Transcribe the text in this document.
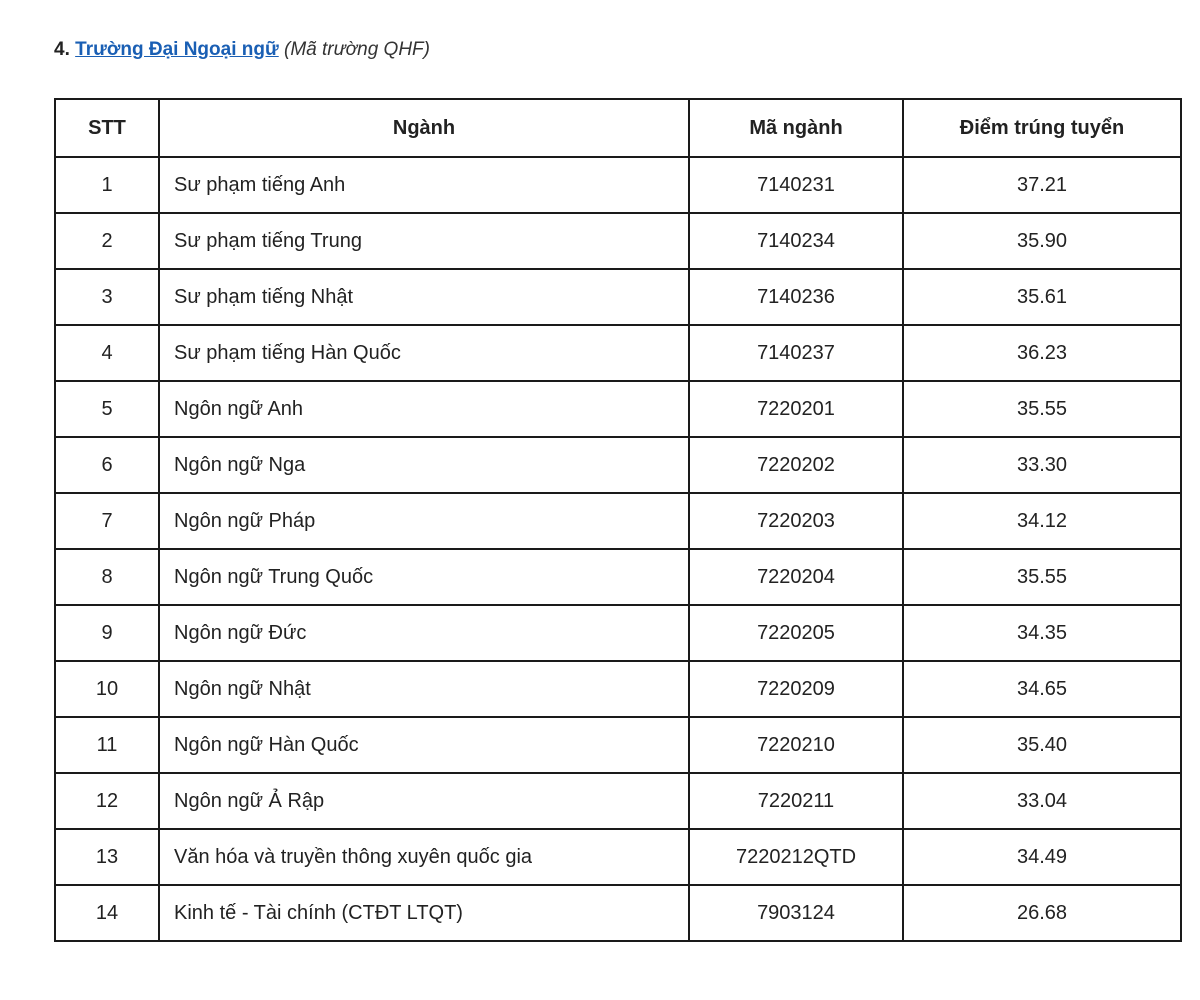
4. Trường Đại Ngoại ngữ (Mã trường QHF)
STT	Ngành	Mã ngành	Điểm trúng tuyển
1	Sư phạm tiếng Anh	7140231	37.21
2	Sư phạm tiếng Trung	7140234	35.90
3	Sư phạm tiếng Nhật	7140236	35.61
4	Sư phạm tiếng Hàn Quốc	7140237	36.23
5	Ngôn ngữ Anh	7220201	35.55
6	Ngôn ngữ Nga	7220202	33.30
7	Ngôn ngữ Pháp	7220203	34.12
8	Ngôn ngữ Trung Quốc	7220204	35.55
9	Ngôn ngữ Đức	7220205	34.35
10	Ngôn ngữ Nhật	7220209	34.65
11	Ngôn ngữ Hàn Quốc	7220210	35.40
12	Ngôn ngữ Ả Rập	7220211	33.04
13	Văn hóa và truyền thông xuyên quốc gia	7220212QTD	34.49
14	Kinh tế - Tài chính (CTĐT LTQT)	7903124	26.68
